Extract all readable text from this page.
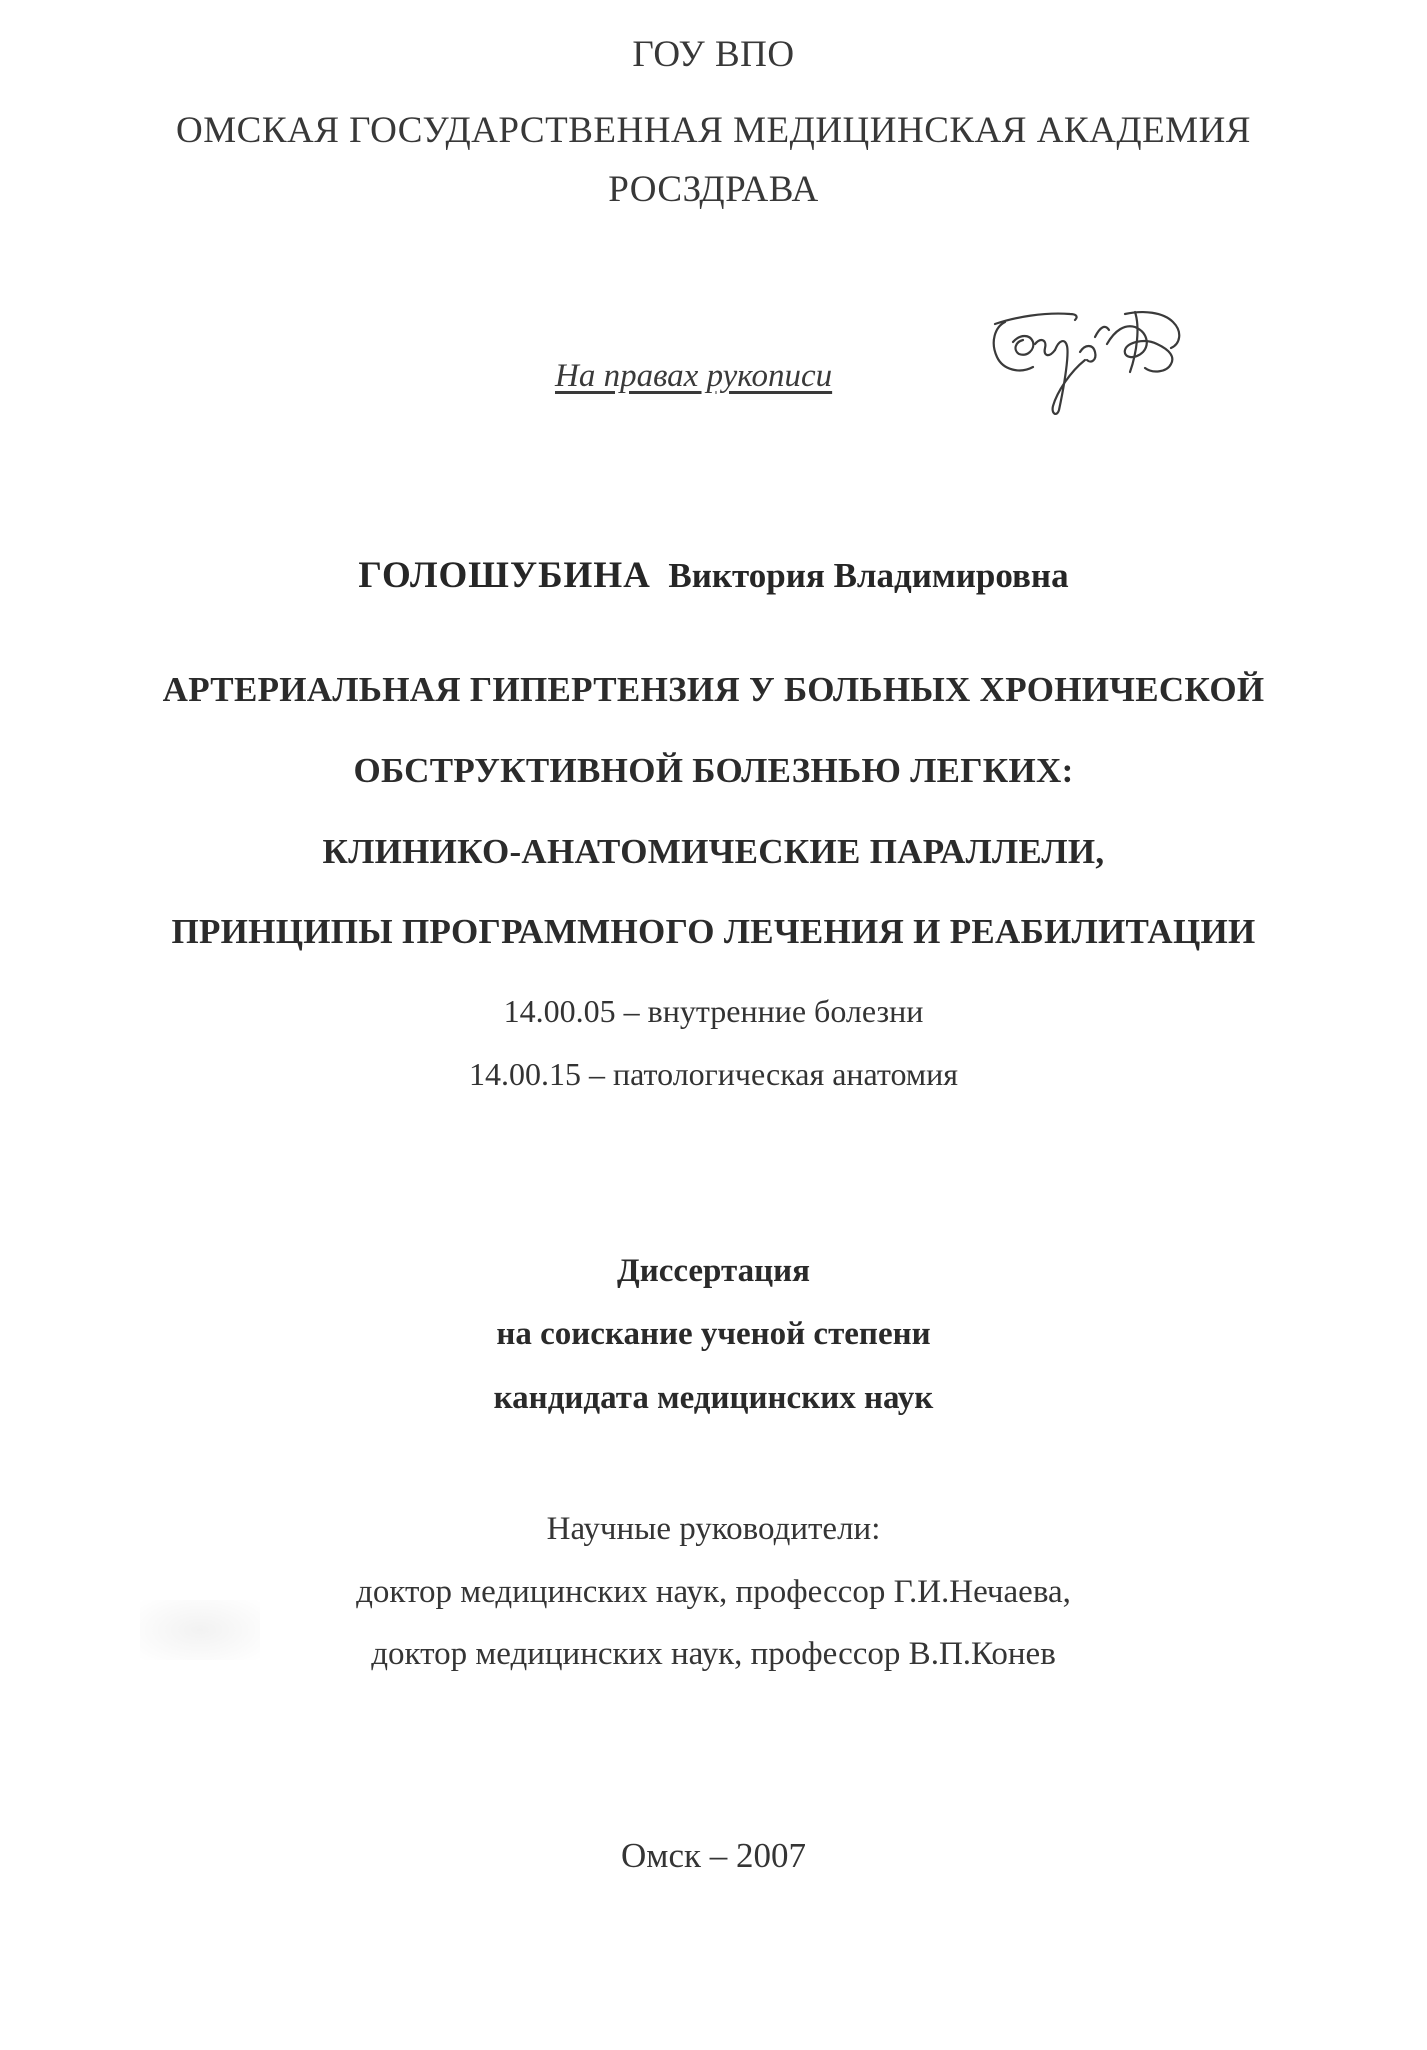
ГОУ ВПО
ОМСКАЯ ГОСУДАРСТВЕННАЯ МЕДИЦИНСКАЯ АКАДЕМИЯ
РОСЗДРАВА
На правах рукописи
ГОЛОШУБИНА Виктория Владимировна
АРТЕРИАЛЬНАЯ ГИПЕРТЕНЗИЯ У БОЛЬНЫХ ХРОНИЧЕСКОЙ
ОБСТРУКТИВНОЙ БОЛЕЗНЬЮ ЛЕГКИХ:
КЛИНИКО-АНАТОМИЧЕСКИЕ ПАРАЛЛЕЛИ,
ПРИНЦИПЫ ПРОГРАММНОГО ЛЕЧЕНИЯ И РЕАБИЛИТАЦИИ
14.00.05 – внутренние болезни
14.00.15 – патологическая анатомия
Диссертация
на соискание ученой степени
кандидата медицинских наук
Научные руководители:
доктор медицинских наук, профессор Г.И.Нечаева,
доктор медицинских наук, профессор В.П.Конев
Омск – 2007
